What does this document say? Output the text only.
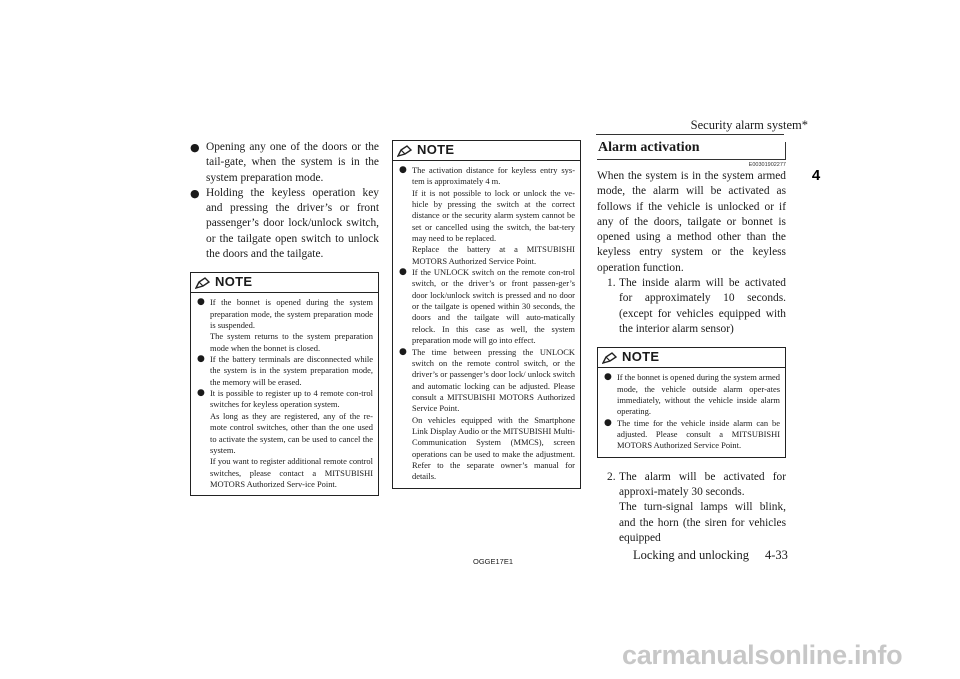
Security alarm system*
4
● Opening any one of the doors or the tail-gate, when the system is in the system preparation mode.
● Holding the keyless operation key and pressing the driver’s or front passenger’s door lock/unlock switch, or the tailgate open switch to unlock the doors and the tailgate.
NOTE
● If the bonnet is opened during the system preparation mode, the system preparation mode is suspended.

The system returns to the system preparation mode when the bonnet is closed.

● If the battery terminals are disconnected while the system is in the system preparation mode, the memory will be erased.

● It is possible to register up to 4 remote con-trol switches for keyless operation system.

As long as they are registered, any of the re-mote control switches, other than the one used to activate the system, can be used to cancel the system.

If you want to register additional remote control switches, please contact a MITSUBISHI MOTORS Authorized Serv-ice Point.

NOTE
● The activation distance for keyless entry sys-tem is approximately 4 m.

If it is not possible to lock or unlock the ve-hicle by pressing the switch at the correct distance or the security alarm system cannot be set or cancelled using the switch, the bat-tery may need to be replaced.

Replace the battery at a MITSUBISHI MOTORS Authorized Service Point.

● If the UNLOCK switch on the remote con-trol switch, or the driver’s or front passen-ger’s door lock/unlock switch is pressed and no door or the tailgate is opened within 30 seconds, the doors and the tailgate will auto-matically relock. In this case as well, the system preparation mode will go into effect.

● The time between pressing the UNLOCK switch on the remote control switch, or the driver’s or passenger’s door lock/ unlock switch and automatic locking can be adjusted. Please consult a MITSUBISHI MOTORS Authorized Service Point.

On vehicles equipped with the Smartphone Link Display Audio or the MITSUBISHI Multi-Communication System (MMCS), screen operations can be used to make the adjustment. Refer to the separate owner’s manual for details.

Alarm activation
E00301902277

When the system is in the system armed mode, the alarm will be activated as follows if the vehicle is unlocked or if any of the doors, tailgate or bonnet is opened using a method other than the keyless entry system or the keyless operation function.

1. The inside alarm will be activated for approximately 10 seconds. (except for vehicles equipped with the interior alarm sensor)

NOTE
● If the bonnet is opened during the system armed mode, the vehicle outside alarm oper-ates immediately, without the vehicle inside alarm operating.

● The time for the vehicle inside alarm can be adjusted. Please consult a MITSUBISHI MOTORS Authorized Service Point.

2. The alarm will be activated for approxi-mately 30 seconds.
The turn-signal lamps will blink, and the horn (the siren for vehicles equipped

OGGE17E1	Locking and unlocking 4-33
carmanualsonline.info
